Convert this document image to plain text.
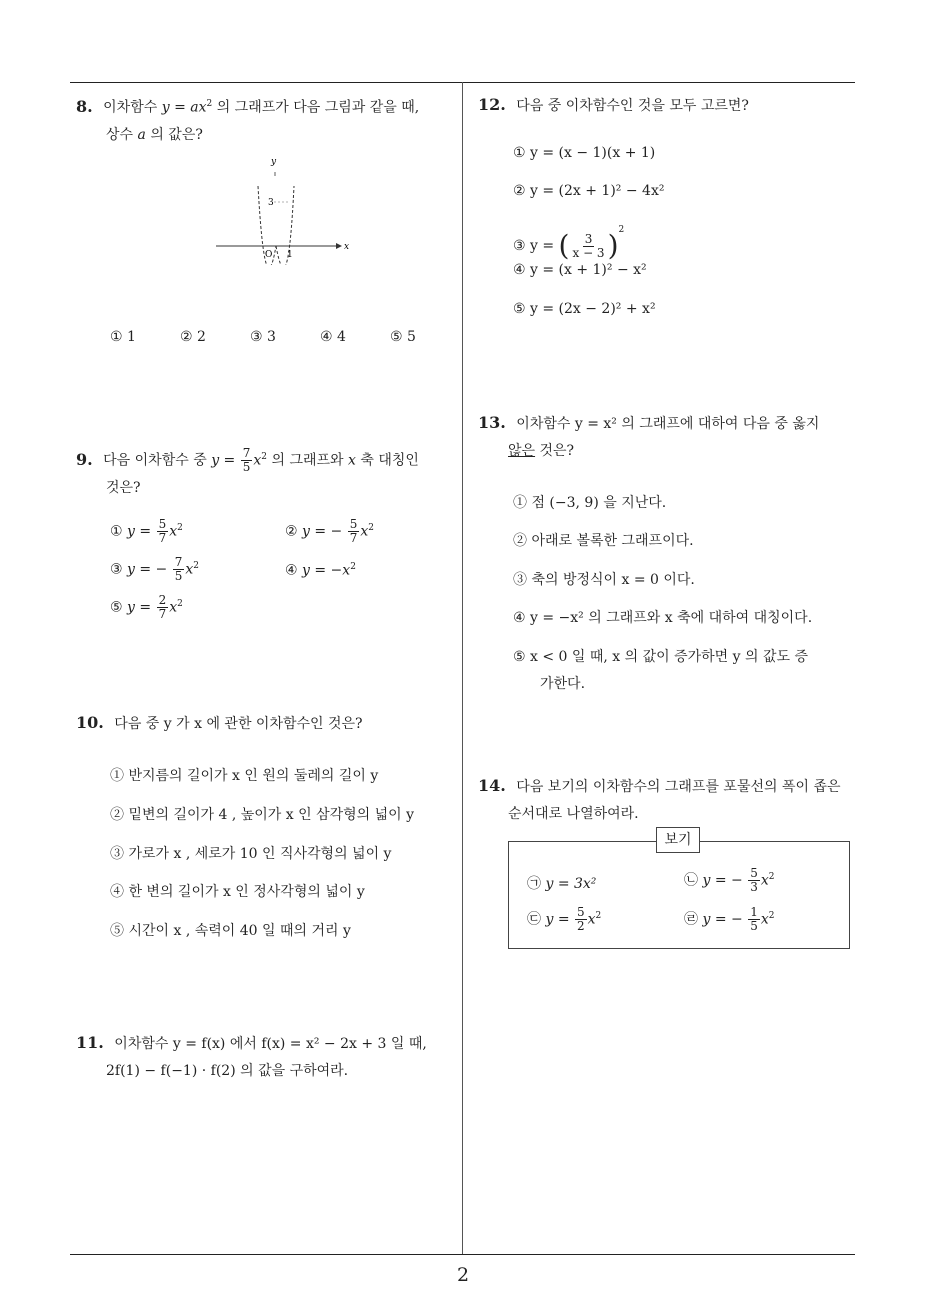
8. 이차함수 $y = ax^2$ 의 그래프가 다음 그림과 같을 때,
상수 a 의 값은?
y
x
3
O 1
① 1	② 2	③ 3	④ 4	⑤ 5
9. 다음 이차함수 중 $y = \frac{7}{5} x^2$ 의 그래프와 x 축 대칭인
것은?
① $y = \frac{5}{7} x^2$	② y = − $\frac{5}{7} x^2$
③ y = − $\frac{7}{5} x^2$	④ $y = -x^2$
⑤ $y = \frac{2}{7} x^2$
10. 다음 중 y 가 x 에 관한 이차함수인 것은?
① 반지름의 길이가 x 인 원의 둘레의 길이 y
② 밑변의 길이가 4 , 높이가 x 인 삼각형의 넓이 y
③ 가로가 x , 세로가 10 인 직사각형의 넓이 y
④ 한 변의 길이가 x 인 정사각형의 넓이 y
⑤ 시간이 x , 속력이 40 일 때의 거리 y
11. 이차함수 y = f(x) 에서 f(x) = x² − 2x + 3 일 때,
2f(1) − f(−1) · f(2) 의 값을 구하여라.
12. 다음 중 이차함수인 것을 모두 고르면?
① y = (x − 1)(x + 1)
② y = (2x + 1)² − 4x²
③ y = ( $\frac{3}{x - 3} )^2$
④ y = (x + 1)² − x²
⑤ y = (2x − 2)² + x²
13. 이차함수 y = x² 의 그래프에 대하여 다음 중 옳지
않은 것은?
① 점 (−3, 9) 을 지난다.
② 아래로 볼록한 그래프이다.
③ 축의 방정식이 x = 0 이다.
④ y = −x² 의 그래프와 x 축에 대하여 대칭이다.
⑤ x < 0 일 때, x 의 값이 증가하면 y 의 값도 증
가한다.
14. 다음 보기의 이차함수의 그래프를 포물선의 폭이 좁은
순서대로 나열하여라.
보기
㉠ y = 3x²	㉡ y = − $\frac{5}{3} x^2$
㉢ $y = \frac{5}{2} x^2$	㉣ y = − $\frac{1}{5} x^2$
2
